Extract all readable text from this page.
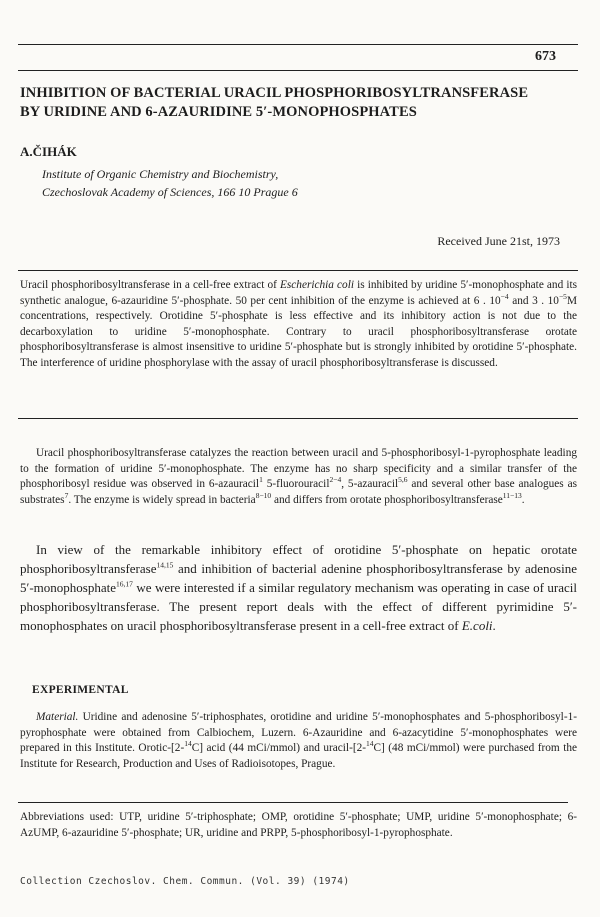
673
INHIBITION OF BACTERIAL URACIL PHOSPHORIBOSYLTRANSFERASE
BY URIDINE AND 6-AZAURIDINE 5′-MONOPHOSPHATES
A.ČIHÁK
Institute of Organic Chemistry and Biochemistry,
Czechoslovak Academy of Sciences, 166 10 Prague 6
Received June 21st, 1973

Uracil phosphoribosyltransferase in a cell-free extract of Escherichia coli is inhibited by uridine 5′-monophosphate and its synthetic analogue, 6-azauridine 5′-phosphate. 50 per cent inhibition of the enzyme is achieved at 6 . $10^{-4}$ and 3 . $10^{-5}M$ concentrations, respectively. Orotidine 5′-phosphate is less effective and its inhibitory action is not due to the decarboxylation to uridine 5′-monophosphate. Contrary to uracil phosphoribosyltransferase orotate phosphoribosyltransferase is almost insensitive to uridine 5′-phosphate but is strongly inhibited by orotidine 5′-phosphate. The interference of uridine phosphorylase with the assay of uracil phosphoribosyltransferase is discussed.

Uracil phosphoribosyltransferase catalyzes the reaction between uracil and 5-phosphoribosyl-1-pyrophosphate leading to the formation of uridine 5′-monophosphate. The enzyme has no sharp specificity and a similar transfer of the phosphoribosyl residue was observed in 6-azauracil$^1$ 5-fluorouracil$^{2-4}$, 5-azauracil$^{5,6}$ and several other base analogues as substrates$^7$. The enzyme is widely spread in bacteria$^{8-10}$ and differs from orotate phosphoribosyltransferase$^{11-13}$.

In view of the remarkable inhibitory effect of orotidine 5′-phosphate on hepatic orotate phosphoribosyltransferase$^{14,15}$ and inhibition of bacterial adenine phosphoribosyltransferase by adenosine 5′-monophosphate$^{16,17}$ we were interested if a similar regulatory mechanism was operating in case of uracil phosphoribosyltransferase. The present report deals with the effect of different pyrimidine 5′-monophosphates on uracil phosphoribosyltransferase present in a cell-free extract of E.coli.

EXPERIMENTAL

Material. Uridine and adenosine 5′-triphosphates, orotidine and uridine 5′-monophosphates and 5-phosphoribosyl-1-pyrophosphate were obtained from Calbiochem, Luzern. 6-Azauridine and 6-azacytidine 5′-monophosphates were prepared in this Institute. Orotic-[2-$^{14}$C] acid (44 mCi/mmol) and uracil-[2-$^{14}$C] (48 mCi/mmol) were purchased from the Institute for Research, Production and Uses of Radioisotopes, Prague.

Abbreviations used: UTP, uridine 5′-triphosphate; OMP, orotidine 5′-phosphate; UMP, uridine 5′-monophosphate; 6-AzUMP, 6-azauridine 5′-phosphate; UR, uridine and PRPP, 5-phosphoribosyl-1-pyrophosphate.

Collection Czechoslov. Chem. Commun. (Vol. 39) (1974)
